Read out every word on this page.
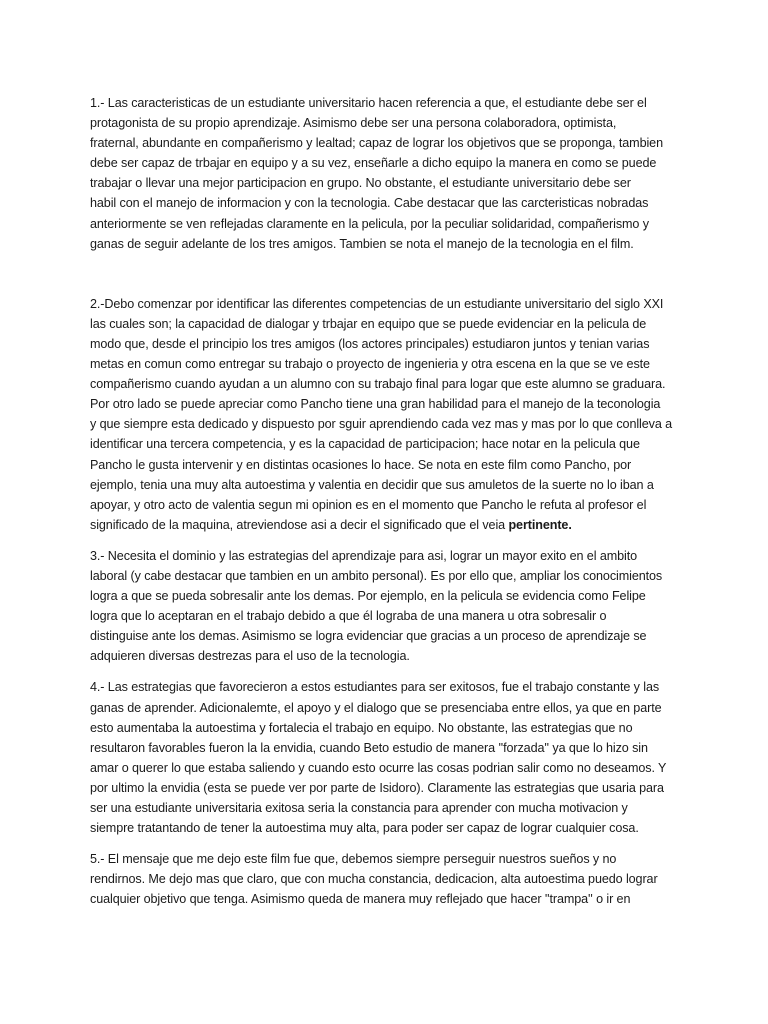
1.- Las caracteristicas de un estudiante universitario hacen referencia a que, el estudiante debe ser el
protagonista de su propio aprendizaje. Asimismo debe ser una persona colaboradora, optimista,
fraternal, abundante en compañerismo y lealtad; capaz de lograr los objetivos que se proponga, tambien
debe ser capaz de trbajar en equipo y a su vez, enseñarle a dicho equipo la manera en como se puede
trabajar o llevar una mejor participacion en grupo. No obstante, el estudiante universitario debe ser
habil con el manejo de informacion y con la tecnologia. Cabe destacar que las carcteristicas nobradas
anteriormente se ven reflejadas claramente en la pelicula, por la peculiar solidaridad, compañerismo y
ganas de seguir adelante de los tres amigos. Tambien se nota el manejo de la tecnologia en el film.

2.-Debo comenzar por identificar las diferentes competencias de un estudiante universitario del siglo XXI
las cuales son; la capacidad de dialogar y trbajar en equipo que se puede evidenciar en la pelicula de
modo que, desde el principio los tres amigos (los actores principales) estudiaron juntos y tenian varias
metas en comun como entregar su trabajo o proyecto de ingenieria y otra escena en la que se ve este
compañerismo cuando ayudan a un alumno con su trabajo final para logar que este alumno se graduara.
Por otro lado se puede apreciar como Pancho tiene una gran habilidad para el manejo de la teconologia
y que siempre esta dedicado y dispuesto por sguir aprendiendo cada vez mas y mas por lo que conlleva a
identificar una tercera competencia, y es la capacidad de participacion; hace notar en la pelicula que
Pancho le gusta intervenir y en distintas ocasiones lo hace. Se nota en este film como Pancho, por
ejemplo, tenia una muy alta autoestima y valentia en decidir que sus amuletos de la suerte no lo iban a
apoyar, y otro acto de valentia segun mi opinion es en el momento que Pancho le refuta al profesor el
significado de la maquina, atreviendose asi a decir el significado que el veia pertinente.

3.- Necesita el dominio y las estrategias del aprendizaje para asi, lograr un mayor exito en el ambito
laboral (y cabe destacar que tambien en un ambito personal). Es por ello que, ampliar los conocimientos
logra a que se pueda sobresalir ante los demas. Por ejemplo, en la pelicula se evidencia como Felipe
logra que lo aceptaran en el trabajo debido a que él lograba de una manera u otra sobresalir o
distinguise ante los demas. Asimismo se logra evidenciar que gracias a un proceso de aprendizaje se
adquieren diversas destrezas para el uso de la tecnologia.

4.- Las estrategias que favorecieron a estos estudiantes para ser exitosos, fue el trabajo constante y las
ganas de aprender. Adicionalemte, el apoyo y el dialogo que se presenciaba entre ellos, ya que en parte
esto aumentaba la autoestima y fortalecia el trabajo en equipo. No obstante, las estrategias que no
resultaron favorables fueron la la envidia, cuando Beto estudio de manera ''forzada'' ya que lo hizo sin
amar o querer lo que estaba saliendo y cuando esto ocurre las cosas podrian salir como no deseamos. Y
por ultimo la envidia (esta se puede ver por parte de Isidoro). Claramente las estrategias que usaria para
ser una estudiante universitaria exitosa seria la constancia para aprender con mucha motivacion y
siempre tratantando de tener la autoestima muy alta, para poder ser capaz de lograr cualquier cosa.

5.- El mensaje que me dejo este film fue que, debemos siempre perseguir nuestros sueños y no
rendirnos. Me dejo mas que claro, que con mucha constancia, dedicacion, alta autoestima puedo lograr
cualquier objetivo que tenga. Asimismo queda de manera muy reflejado que hacer ''trampa'' o ir en
